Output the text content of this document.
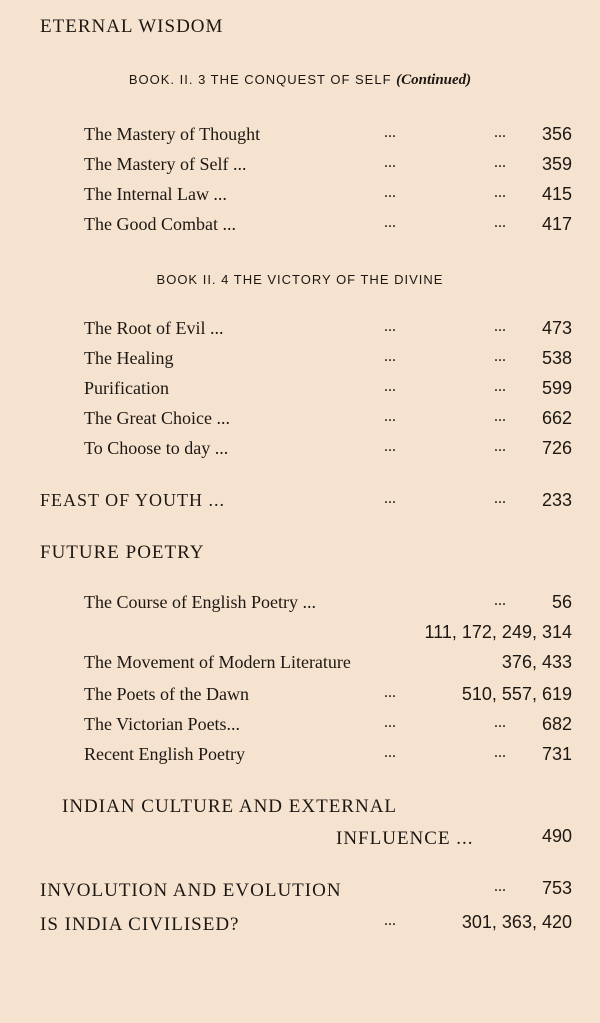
ETERNAL WISDOM
BOOK. II. 3 THE CONQUEST OF SELF (Continued)
The Mastery of Thought	...	... 356
The Mastery of Self ...	...	... 359
The Internal Law ...	...	... 415
The Good Combat ...	...	... 417
BOOK II. 4 THE VICTORY OF THE DIVINE
The Root of Evil ...	...	... 473
The Healing	...	... 538
Purification	...	... 599
The Great Choice ...	...	... 662
To Choose to day ...	...	... 726
FEAST OF YOUTH ...	...	... 233
FUTURE POETRY
The Course of English Poetry ...	...	56
111, 172, 249, 314
The Movement of Modern Literature	376, 433
The Poets of the Dawn	...	510, 557, 619
The Victorian Poets...	...	... 682
Recent English Poetry	...	... 731
INDIAN CULTURE AND EXTERNAL
INFLUENCE ...	490
INVOLUTION AND EVOLUTION	... 753
IS INDIA CIVILISED?	...	301, 363, 420
